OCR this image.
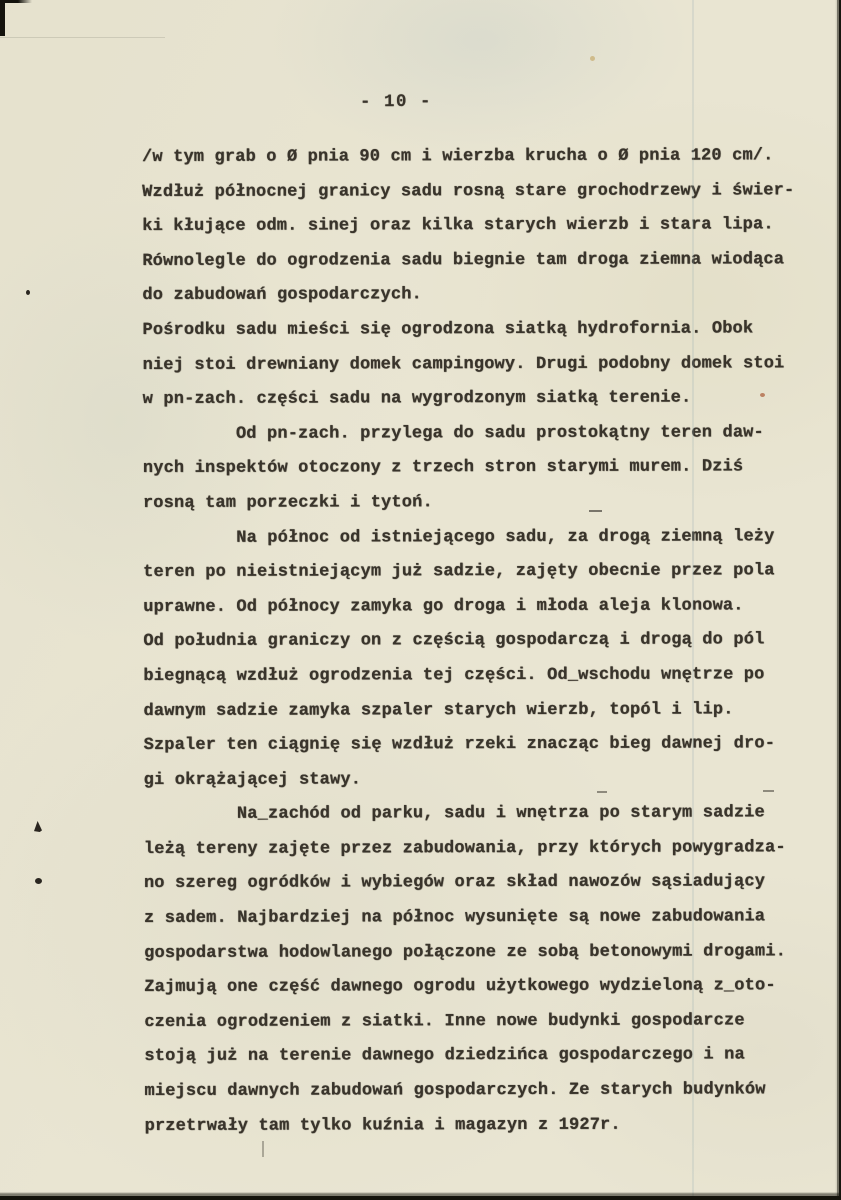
- 10 -
/w tym grab o Ø pnia 90 cm i wierzba krucha o Ø pnia 120 cm/.
Wzdłuż północnej granicy sadu rosną stare grochodrzewy i świer-
ki kłujące odm. sinej oraz kilka starych wierzb i stara lipa.
Równolegle do ogrodzenia sadu biegnie tam droga ziemna wiodąca
do zabudowań gospodarczych.
Pośrodku sadu mieści się ogrodzona siatką hydrofornia. Obok
niej stoi drewniany domek campingowy. Drugi podobny domek stoi
w pn-zach. części sadu na wygrodzonym siatką terenie.
Od pn-zach. przylega do sadu prostokątny teren daw-
nych inspektów otoczony z trzech stron starymi murem. Dziś
rosną tam porzeczki i tytoń.
Na północ od istniejącego sadu, za drogą ziemną leży
teren po nieistniejącym już sadzie, zajęty obecnie przez pola
uprawne. Od północy zamyka go droga i młoda aleja klonowa.
Od południa graniczy on z częścią gospodarczą i drogą do pól
biegnącą wzdłuż ogrodzenia tej części. Od_wschodu wnętrze po
dawnym sadzie zamyka szpaler starych wierzb, topól i lip.
Szpaler ten ciągnię się wzdłuż rzeki znacząc bieg dawnej dro-
gi okrążającej stawy.
Na_zachód od parku, sadu i wnętrza po starym sadzie
leżą tereny zajęte przez zabudowania, przy których powygradza-
no szereg ogródków i wybiegów oraz skład nawozów sąsiadujący
z sadem. Najbardziej na północ wysunięte są nowe zabudowania
gospodarstwa hodowlanego połączone ze sobą betonowymi drogami.
Zajmują one część dawnego ogrodu użytkowego wydzieloną z_oto-
czenia ogrodzeniem z siatki. Inne nowe budynki gospodarcze
stoją już na terenie dawnego dziedzińca gospodarczego i na
miejscu dawnych zabudowań gospodarczych. Ze starych budynków
przetrwały tam tylko kuźnia i magazyn z 1927r.
